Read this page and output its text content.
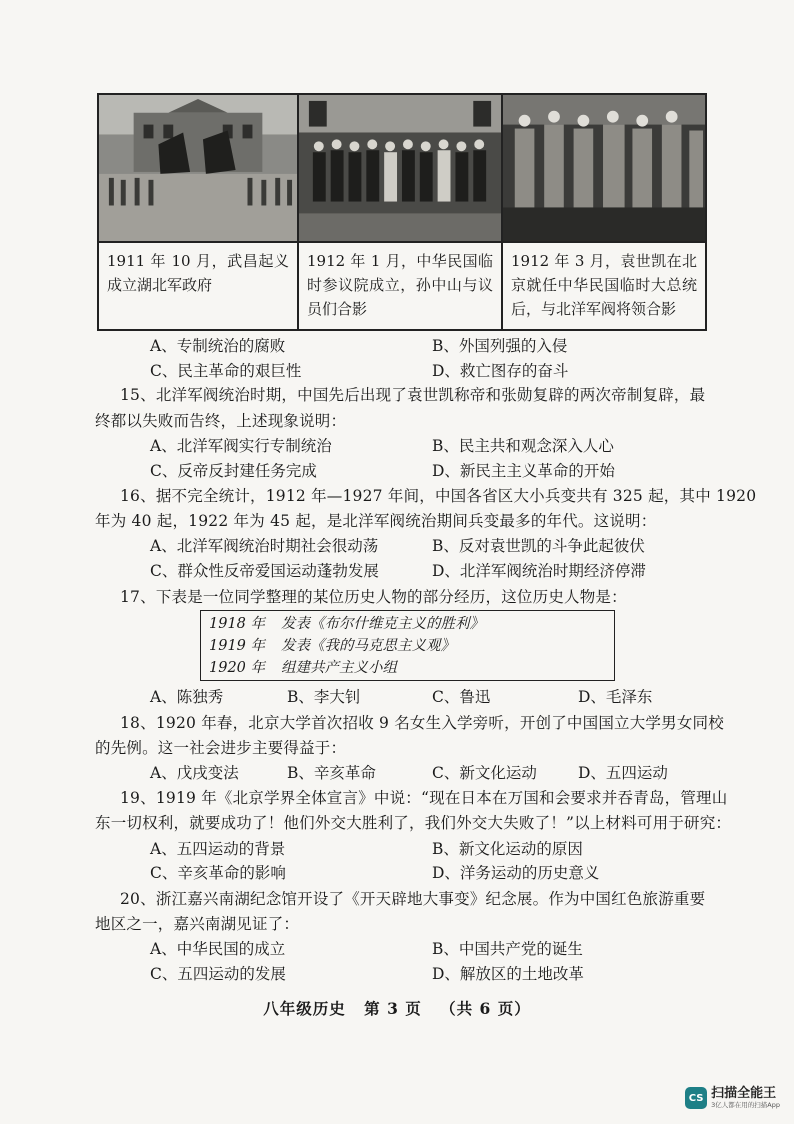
1911 年 10 月，武昌起义成立湖北军政府
1912 年 1 月，中华民国临时参议院成立，孙中山与议员们合影
1912 年 3 月，袁世凯在北京就任中华民国临时大总统后，与北洋军阀将领合影
A、专制统治的腐败	B、外国列强的入侵
C、民主革命的艰巨性	D、救亡图存的奋斗
15、北洋军阀统治时期，中国先后出现了袁世凯称帝和张勋复辟的两次帝制复辟，最
终都以失败而告终，上述现象说明：
A、北洋军阀实行专制统治	B、民主共和观念深入人心
C、反帝反封建任务完成	D、新民主主义革命的开始
16、据不完全统计，1912 年—1927 年间，中国各省区大小兵变共有 325 起，其中 1920
年为 40 起，1922 年为 45 起，是北洋军阀统治期间兵变最多的年代。这说明：
A、北洋军阀统治时期社会很动荡	B、反对袁世凯的斗争此起彼伏
C、群众性反帝爱国运动蓬勃发展	D、北洋军阀统治时期经济停滞
17、下表是一位同学整理的某位历史人物的部分经历，这位历史人物是：
1918 年 发表《布尔什维克主义的胜利》
1919 年 发表《我的马克思主义观》
1920 年 组建共产主义小组
A、陈独秀	B、李大钊	C、鲁迅	D、毛泽东
18、1920 年春，北京大学首次招收 9 名女生入学旁听，开创了中国国立大学男女同校
的先例。这一社会进步主要得益于：
A、戊戌变法	B、辛亥革命	C、新文化运动	D、五四运动
19、1919 年《北京学界全体宣言》中说：“现在日本在万国和会要求并吞青岛，管理山
东一切权利，就要成功了！他们外交大胜利了，我们外交大失败了！”以上材料可用于研究：
A、五四运动的背景	B、新文化运动的原因
C、辛亥革命的影响	D、洋务运动的历史意义
20、浙江嘉兴南湖纪念馆开设了《开天辟地大事变》纪念展。作为中国红色旅游重要
地区之一，嘉兴南湖见证了：
A、中华民国的成立	B、中国共产党的诞生
C、五四运动的发展	D、解放区的土地改革
八年级历史 第 3 页 （共 6 页）
CS 扫描全能王
3亿人都在用的扫描App
